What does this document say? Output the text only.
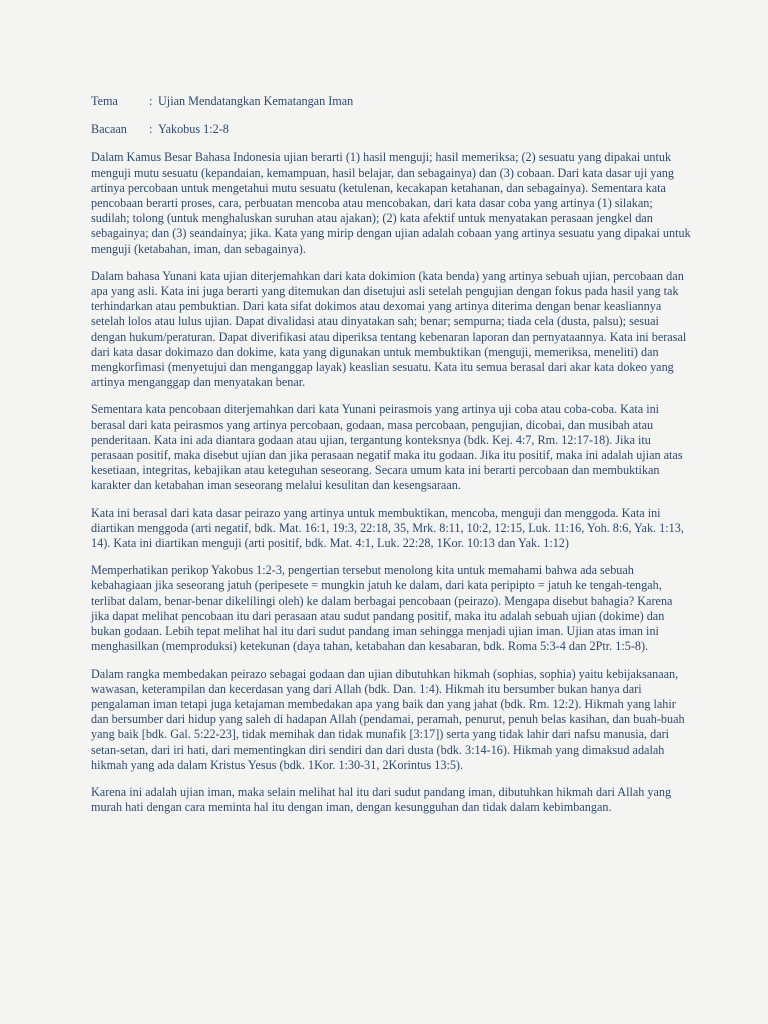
Tema	: Ujian Mendatangkan Kematangan Iman
Bacaan	: Yakobus 1:2-8

Dalam Kamus Besar Bahasa Indonesia ujian berarti (1) hasil menguji; hasil memeriksa; (2) sesuatu yang dipakai untuk menguji mutu sesuatu (kepandaian, kemampuan, hasil belajar, dan sebagainya) dan (3) cobaan. Dari kata dasar uji yang artinya percobaan untuk mengetahui mutu sesuatu (ketulenan, kecakapan ketahanan, dan sebagainya). Sementara kata pencobaan berarti proses, cara, perbuatan mencoba atau mencobakan, dari kata dasar coba yang artinya (1) silakan; sudilah; tolong (untuk menghaluskan suruhan atau ajakan); (2) kata afektif untuk menyatakan perasaan jengkel dan sebagainya; dan (3) seandainya; jika. Kata yang mirip dengan ujian adalah cobaan yang artinya sesuatu yang dipakai untuk menguji (ketabahan, iman, dan sebagainya).

Dalam bahasa Yunani kata ujian diterjemahkan dari kata dokimion (kata benda) yang artinya sebuah ujian, percobaan dan apa yang asli. Kata ini juga berarti yang ditemukan dan disetujui asli setelah pengujian dengan fokus pada hasil yang tak terhindarkan atau pembuktian. Dari kata sifat dokimos atau dexomai yang artinya diterima dengan benar keasliannya setelah lolos atau lulus ujian. Dapat divalidasi atau dinyatakan sah; benar; sempurna; tiada cela (dusta, palsu); sesuai dengan hukum/peraturan. Dapat diverifikasi atau diperiksa tentang kebenaran laporan dan pernyataannya. Kata ini berasal dari kata dasar dokimazo dan dokime, kata yang digunakan untuk membuktikan (menguji, memeriksa, meneliti) dan mengkorfimasi (menyetujui dan menganggap layak) keaslian sesuatu. Kata itu semua berasal dari akar kata dokeo yang artinya menganggap dan menyatakan benar.

Sementara kata pencobaan diterjemahkan dari kata Yunani peirasmois yang artinya uji coba atau coba-coba. Kata ini berasal dari kata peirasmos yang artinya percobaan, godaan, masa percobaan, pengujian, dicobai, dan musibah atau penderitaan. Kata ini ada diantara godaan atau ujian, tergantung konteksnya (bdk. Kej. 4:7, Rm. 12:17-18). Jika itu perasaan positif, maka disebut ujian dan jika perasaan negatif maka itu godaan. Jika itu positif, maka ini adalah ujian atas kesetiaan, integritas, kebajikan atau keteguhan seseorang. Secara umum kata ini berarti percobaan dan membuktikan karakter dan ketabahan iman seseorang melalui kesulitan dan kesengsaraan.

Kata ini berasal dari kata dasar peirazo yang artinya untuk membuktikan, mencoba, menguji dan menggoda. Kata ini diartikan menggoda (arti negatif, bdk. Mat. 16:1, 19:3, 22:18, 35, Mrk. 8:11, 10:2, 12:15, Luk. 11:16, Yoh. 8:6, Yak. 1:13, 14). Kata ini diartikan menguji (arti positif, bdk. Mat. 4:1, Luk. 22:28, 1Kor. 10:13 dan Yak. 1:12)

Memperhatikan perikop Yakobus 1:2-3, pengertian tersebut menolong kita untuk memahami bahwa ada sebuah kebahagiaan jika seseorang jatuh (peripesete = mungkin jatuh ke dalam, dari kata peripipto = jatuh ke tengah-tengah, terlibat dalam, benar-benar dikelilingi oleh) ke dalam berbagai pencobaan (peirazo). Mengapa disebut bahagia? Karena jika dapat melihat pencobaan itu dari perasaan atau sudut pandang positif, maka itu adalah sebuah ujian (dokime) dan bukan godaan. Lebih tepat melihat hal itu dari sudut pandang iman sehingga menjadi ujian iman. Ujian atas iman ini menghasilkan (memproduksi) ketekunan (daya tahan, ketabahan dan kesabaran, bdk. Roma 5:3-4 dan 2Ptr. 1:5-8).

Dalam rangka membedakan peirazo sebagai godaan dan ujian dibutuhkan hikmah (sophias, sophia) yaitu kebijaksanaan, wawasan, keterampilan dan kecerdasan yang dari Allah (bdk. Dan. 1:4). Hikmah itu bersumber bukan hanya dari pengalaman iman tetapi juga ketajaman membedakan apa yang baik dan yang jahat (bdk. Rm. 12:2). Hikmah yang lahir dan bersumber dari hidup yang saleh di hadapan Allah (pendamai, peramah, penurut, penuh belas kasihan, dan buah-buah yang baik [bdk. Gal. 5:22-23], tidak memihak dan tidak munafik [3:17]) serta yang tidak lahir dari nafsu manusia, dari setan-setan, dari iri hati, dari mementingkan diri sendiri dan dari dusta (bdk. 3:14-16). Hikmah yang dimaksud adalah hikmah yang ada dalam Kristus Yesus (bdk. 1Kor. 1:30-31, 2Korintus 13:5).

Karena ini adalah ujian iman, maka selain melihat hal itu dari sudut pandang iman, dibutuhkan hikmah dari Allah yang murah hati dengan cara meminta hal itu dengan iman, dengan kesungguhan dan tidak dalam kebimbangan.
